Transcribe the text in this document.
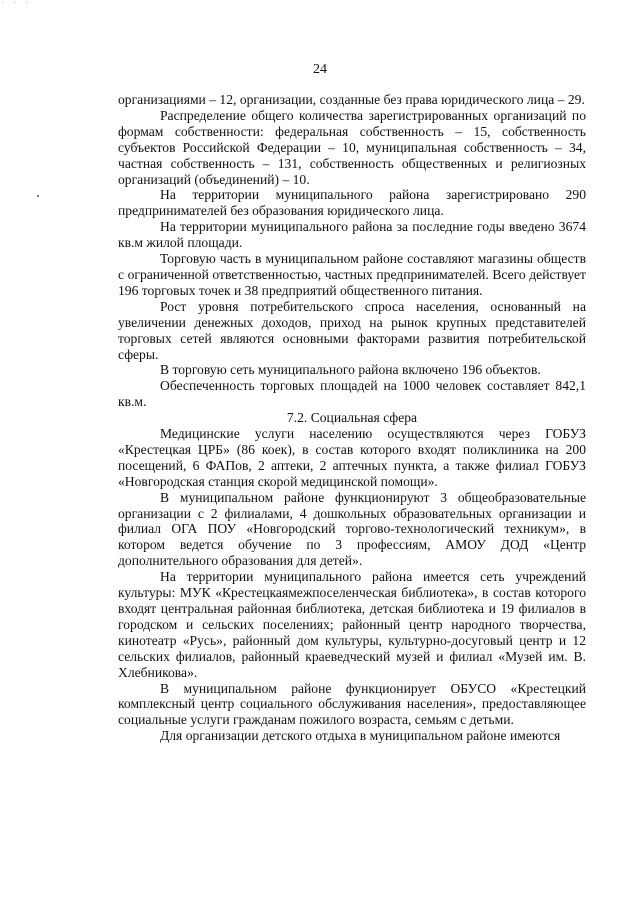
' ' '
24

организациями – 12, организации, созданные без права юридического лица – 29.

Распределение общего количества зарегистрированных организаций по формам собственности: федеральная собственность – 15, собственность субъектов Российской Федерации – 10, муниципальная собственность – 34, частная собственность – 131, собственность общественных и религиозных организаций (объединений) – 10.

На территории муниципального района зарегистрировано 290 предпринимателей без образования юридического лица.

На территории муниципального района за последние годы введено 3674 кв.м жилой площади.

Торговую часть в муниципальном районе составляют магазины обществ с ограниченной ответственностью, частных предпринимателей. Всего действует 196 торговых точек и 38 предприятий общественного питания.

Рост уровня потребительского спроса населения, основанный на увеличении денежных доходов, приход на рынок крупных представителей торговых сетей являются основными факторами развития потребительской сферы.

В торговую сеть муниципального района включено 196 объектов.

Обеспеченность торговых площадей на 1000 человек составляет 842,1 кв.м.

7.2. Социальная сфера

Медицинские услуги населению осуществляются через ГОБУЗ «Крестецкая ЦРБ» (86 коек), в состав которого входят поликлиника на 200 посещений, 6 ФАПов, 2 аптеки, 2 аптечных пункта, а также филиал ГОБУЗ «Новгородская станция скорой медицинской помощи».

В муниципальном районе функционируют 3 общеобразовательные организации с 2 филиалами, 4 дошкольных образовательных организации и филиал ОГА ПОУ «Новгородский торгово-технологический техникум», в котором ведется обучение по 3 профессиям, АМОУ ДОД «Центр дополнительного образования для детей».

На территории муниципального района имеется сеть учреждений культуры: МУК «Крестецкаямежпоселенческая библиотека», в состав которого входят центральная районная библиотека, детская библиотека и 19 филиалов в городском и сельских поселениях; районный центр народного творчества, кинотеатр «Русь», районный дом культуры, культурно-досуговый центр и 12 сельских филиалов, районный краеведческий музей и филиал «Музей им. В. Хлебникова».

В муниципальном районе функционирует ОБУСО «Крестецкий комплексный центр социального обслуживания населения», предоставляющее социальные услуги гражданам пожилого возраста, семьям с детьми.

Для организации детского отдыха в муниципальном районе имеются
